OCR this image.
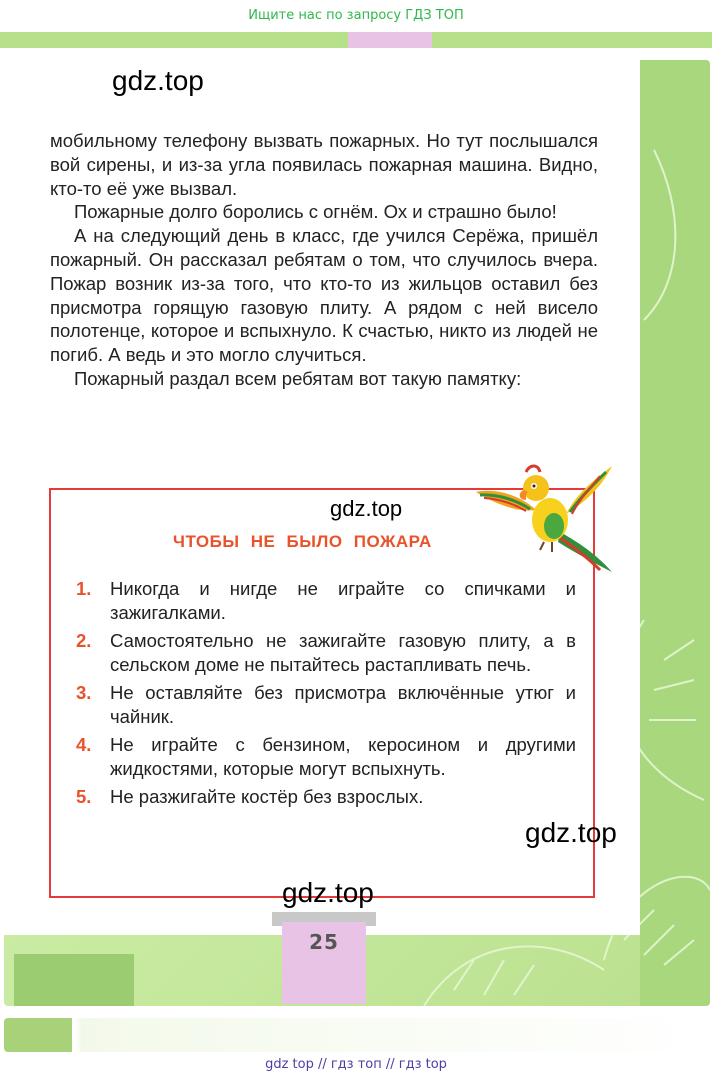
Ищите нас по запросу ГДЗ ТОП
gdz.top

мобильному телефону вызвать пожарных. Но тут послышался вой сирены, и из-за угла появилась пожарная машина. Видно, кто-то её уже вызвал.

Пожарные долго боролись с огнём. Ох и страшно было!

А на следующий день в класс, где учился Серёжа, пришёл пожарный. Он рассказал ребятам о том, что случилось вчера. Пожар возник из-за того, что кто-то из жильцов оставил без присмотра горящую газовую плиту. А рядом с ней висело полотенце, которое и вспыхнуло. К счастью, никто из людей не погиб. А ведь и это могло случиться.

Пожарный раздал всем ребятам вот такую памятку:

gdz.top
ЧТОБЫ НЕ БЫЛО ПОЖАРА
1. Никогда и нигде не играйте со спичками и зажигалками.
2. Самостоятельно не зажигайте газовую плиту, а в сельском доме не пытайтесь растапливать печь.
3. Не оставляйте без присмотра включённые утюг и чайник.
4. Не играйте с бензином, керосином и другими жидкостями, которые могут вспыхнуть.
5. Не разжигайте костёр без взрослых.
gdz.top
gdz.top
25
gdz top // гдз топ // гдз top
